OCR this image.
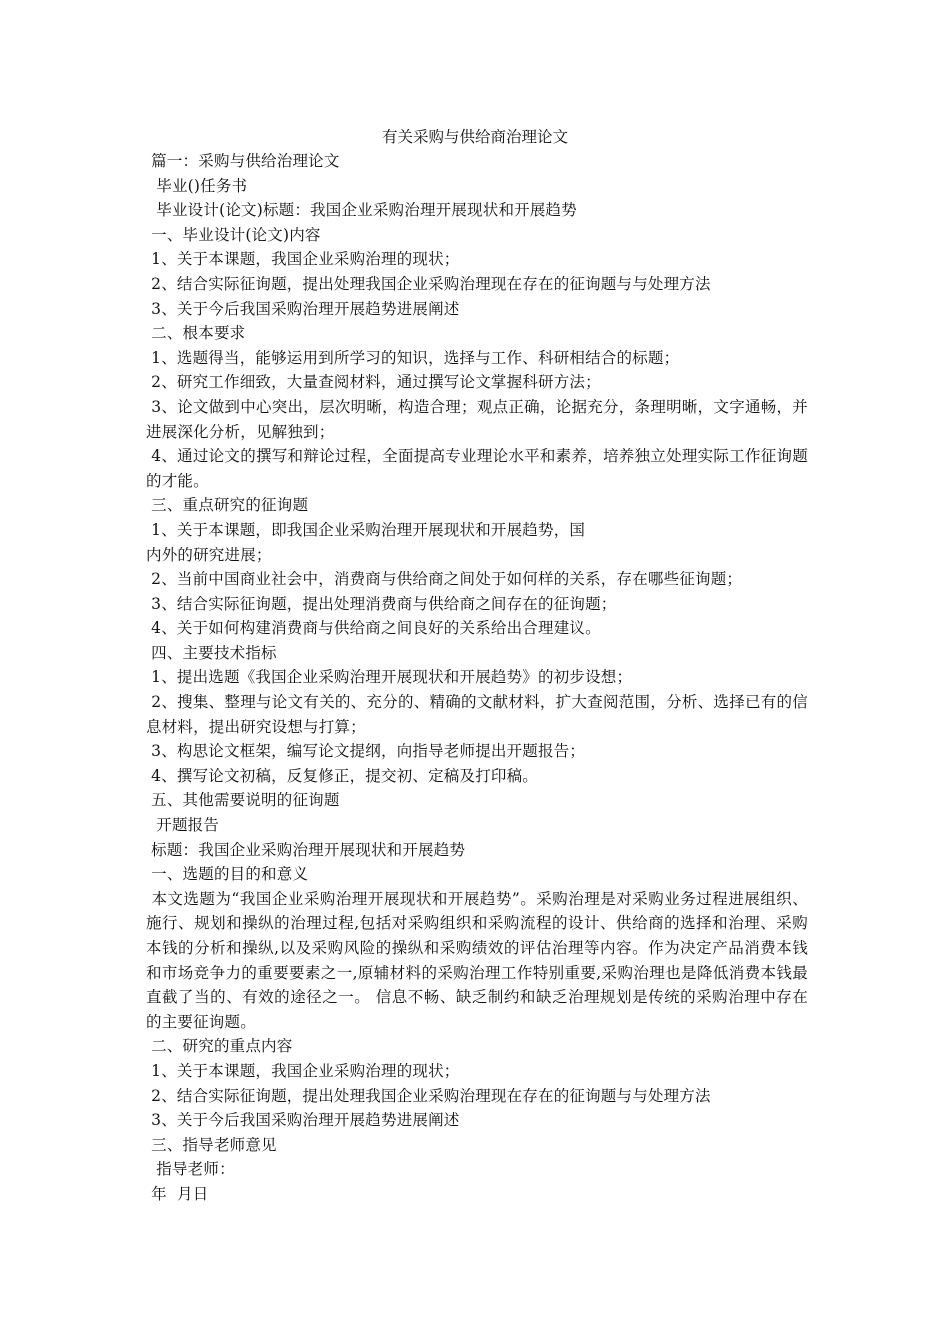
有关采购与供给商治理论文

篇一：采购与供给治理论文

毕业()任务书

毕业设计(论文)标题：我国企业采购治理开展现状和开展趋势

一、毕业设计(论文)内容

1、关于本课题，我国企业采购治理的现状；

2、结合实际征询题，提出处理我国企业采购治理现在存在的征询题与与处理方法

3、关于今后我国采购治理开展趋势进展阐述

二、根本要求

1、选题得当，能够运用到所学习的知识，选择与工作、科研相结合的标题；

2、研究工作细致，大量查阅材料，通过撰写论文掌握科研方法；

3、论文做到中心突出，层次明晰，构造合理；观点正确，论据充分，条理明晰，文字通畅，并进展深化分析，见解独到；

4、通过论文的撰写和辩论过程，全面提高专业理论水平和素养，培养独立处理实际工作征询题的才能。

三、重点研究的征询题

1、关于本课题，即我国企业采购治理开展现状和开展趋势，国

内外的研究进展；

2、当前中国商业社会中，消费商与供给商之间处于如何样的关系，存在哪些征询题；

3、结合实际征询题，提出处理消费商与供给商之间存在的征询题；

4、关于如何构建消费商与供给商之间良好的关系给出合理建议。

四、主要技术指标

1、提出选题《我国企业采购治理开展现状和开展趋势》的初步设想；

2、搜集、整理与论文有关的、充分的、精确的文献材料，扩大查阅范围，分析、选择已有的信息材料，提出研究设想与打算；

3、构思论文框架，编写论文提纲，向指导老师提出开题报告；

4、撰写论文初稿，反复修正，提交初、定稿及打印稿。

五、其他需要说明的征询题

开题报告

标题：我国企业采购治理开展现状和开展趋势

一、选题的目的和意义

本文选题为“我国企业采购治理开展现状和开展趋势”。采购治理是对采购业务过程进展组织、施行、规划和操纵的治理过程,包括对采购组织和采购流程的设计、供给商的选择和治理、采购本钱的分析和操纵,以及采购风险的操纵和采购绩效的评估治理等内容。作为决定产品消费本钱和市场竞争力的重要要素之一,原辅材料的采购治理工作特别重要,采购治理也是降低消费本钱最直截了当的、有效的途径之一。 信息不畅、缺乏制约和缺乏治理规划是传统的采购治理中存在的主要征询题。

二、研究的重点内容

1、关于本课题，我国企业采购治理的现状；

2、结合实际征询题，提出处理我国企业采购治理现在存在的征询题与与处理方法

3、关于今后我国采购治理开展趋势进展阐述

三、指导老师意见

指导老师：

年  月日
